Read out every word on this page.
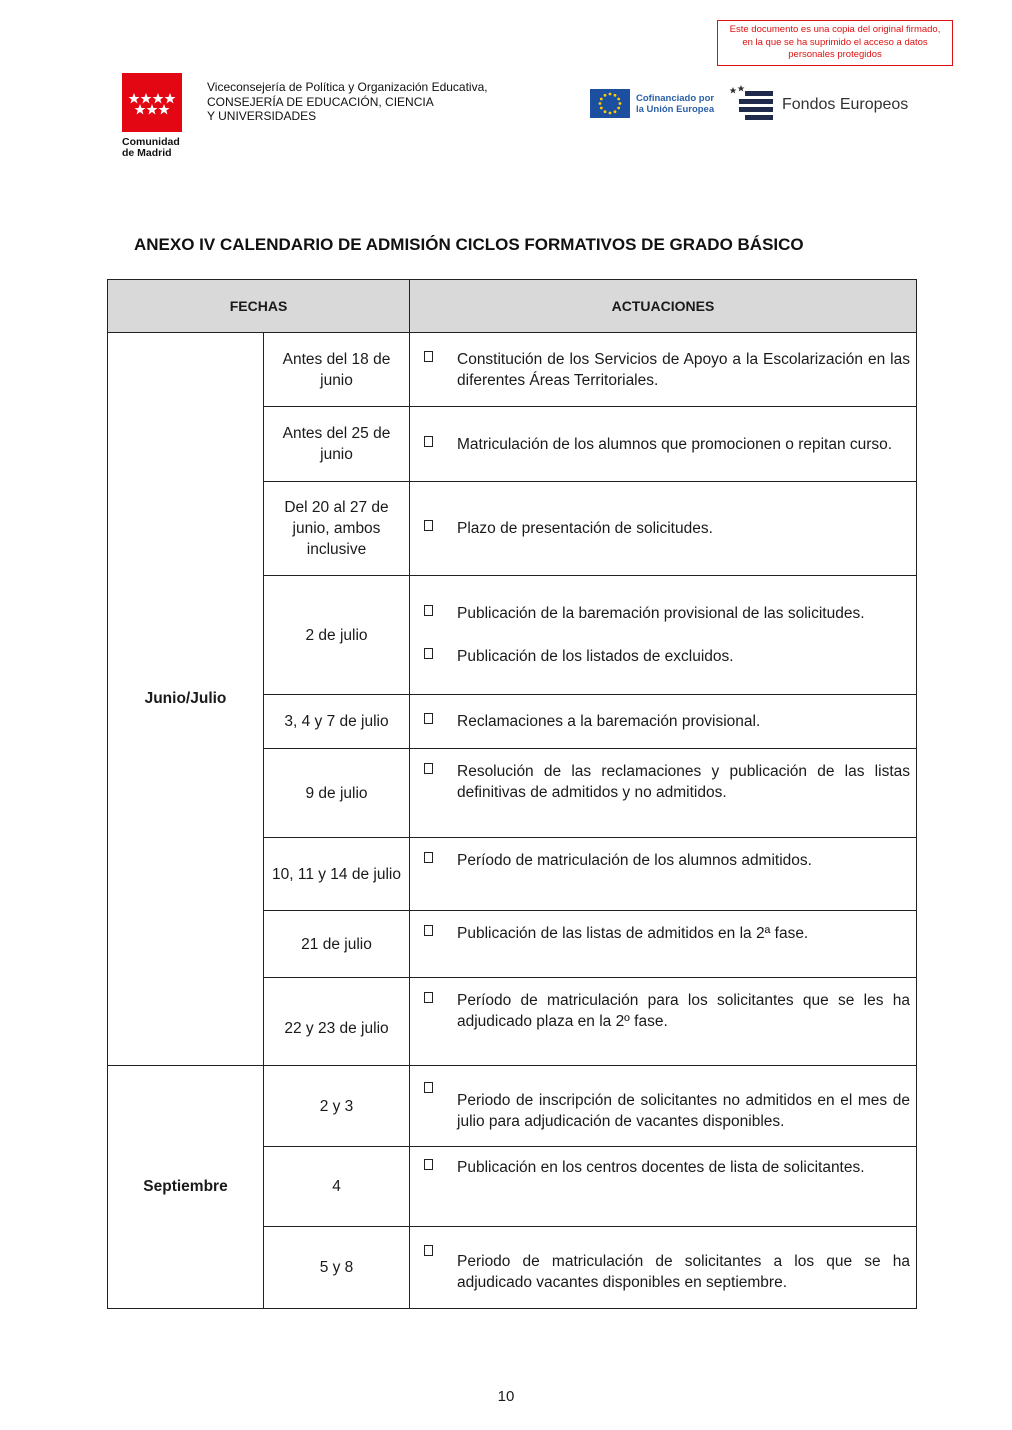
Este documento es una copia del original firmado,
en la que se ha suprimido el acceso a datos
personales protegidos
Comunidad
de Madrid
Viceconsejería de Política y Organización Educativa,
CONSEJERÍA DE EDUCACIÓN, CIENCIA
Y UNIVERSIDADES
Cofinanciado por
la Unión Europea	Fondos Europeos
ANEXO IV CALENDARIO DE ADMISIÓN CICLOS FORMATIVOS DE GRADO BÁSICO
FECHAS		ACTUACIONES
Junio/Julio	Antes del 18 de junio	Constitución de los Servicios de Apoyo a la Escolarización en las diferentes Áreas Territoriales.

	Antes del 25 de junio	Matriculación de los alumnos que promocionen o repitan curso.

	Del 20 al 27 de junio, ambos inclusive	Plazo de presentación de solicitudes.

	2 de julio	Publicación de la baremación provisional de las solicitudes.
Publicación de los listados de excluidos.

	3, 4 y 7 de julio	Reclamaciones a la baremación provisional.

	9 de julio	Resolución de las reclamaciones y publicación de las listas definitivas de admitidos y no admitidos.

	10, 11 y 14 de julio	Período de matriculación de los alumnos admitidos.

	21 de julio	Publicación de las listas de admitidos en la 2ª fase.

	22 y 23 de julio	Período de matriculación para los solicitantes que se les ha adjudicado plaza en la 2º fase.

Septiembre	2 y 3	Periodo de inscripción de solicitantes no admitidos en el mes de julio para adjudicación de vacantes disponibles.

	4	Publicación en los centros docentes de lista de solicitantes.

	5 y 8	Periodo de matriculación de solicitantes a los que se ha adjudicado vacantes disponibles en septiembre.
10
